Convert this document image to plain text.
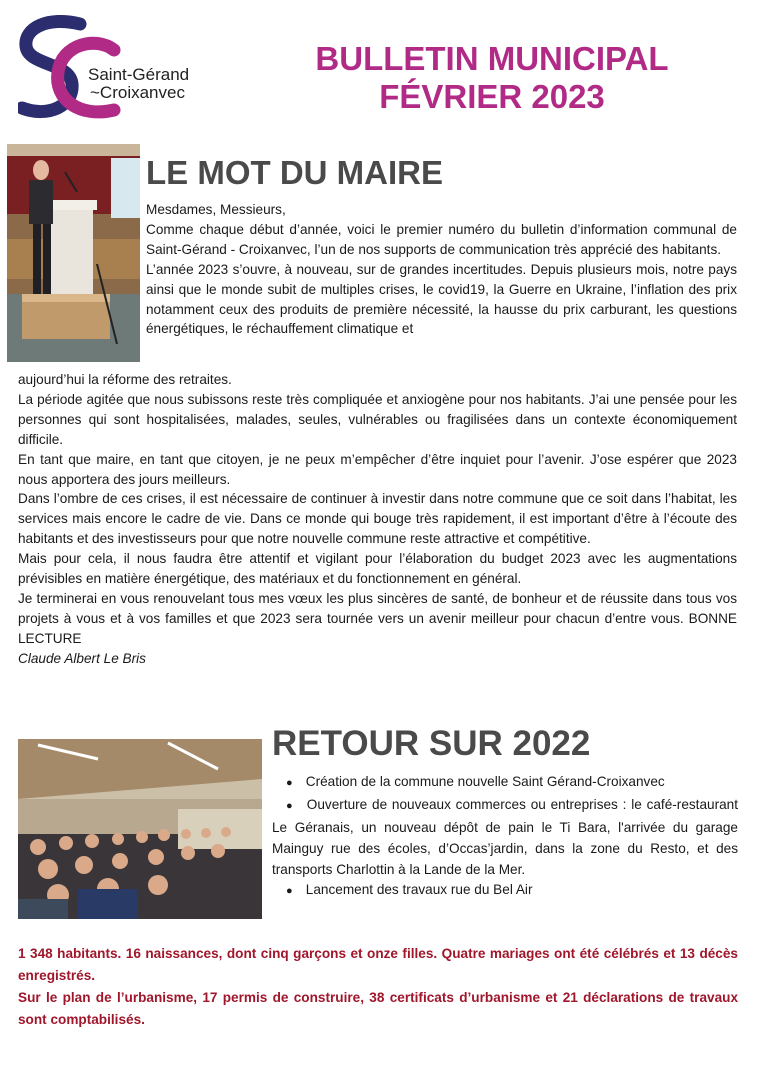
Saint-Gérand
~Croixanvec
BULLETIN MUNICIPAL
FÉVRIER 2023
LE MOT DU MAIRE

Mesdames, Messieurs,

Comme chaque début d’année, voici le premier numéro du bulletin d’information communal de Saint-Gérand - Croixanvec, l’un de nos supports de communication très apprécié des habitants.

L’année 2023 s’ouvre, à nouveau, sur de grandes incertitudes. Depuis plusieurs mois, notre pays ainsi que le monde subit de multiples crises, le covid19, la Guerre en Ukraine, l’inflation des prix notamment ceux des produits de première nécessité, la hausse du prix carburant, les questions énergétiques, le réchauffement climatique et

aujourd’hui la réforme des retraites.

La période agitée que nous subissons reste très compliquée et anxiogène pour nos habitants. J’ai une pensée pour les personnes qui sont hospitalisées, malades, seules, vulnérables ou fragilisées dans un contexte économiquement difficile.

En tant que maire, en tant que citoyen, je ne peux m’empêcher d’être inquiet pour l’avenir. J’ose espérer que 2023 nous apportera des jours meilleurs.

Dans l’ombre de ces crises, il est nécessaire de continuer à investir dans notre commune que ce soit dans l’habitat, les services mais encore le cadre de vie. Dans ce monde qui bouge très rapidement, il est important d’être à l’écoute des habitants et des investisseurs pour que notre nouvelle commune reste attractive et compétitive.

Mais pour cela, il nous faudra être attentif et vigilant pour l’élaboration du budget 2023 avec les augmentations prévisibles en matière énergétique, des matériaux et du fonctionnement en général.

Je terminerai en vous renouvelant tous mes vœux les plus sincères de santé, de bonheur et de réussite dans tous vos projets à vous et à vos familles et que 2023 sera tournée vers un avenir meilleur pour chacun d’entre vous. BONNE LECTURE

Claude Albert Le Bris

RETOUR SUR 2022
● Création de la commune nouvelle Saint Gérand-Croixanvec
● Ouverture de nouveaux commerces ou entreprises : le café-restaurant Le Géranais, un nouveau dépôt de pain le Ti Bara, l'arrivée du garage Mainguy rue des écoles, d’Occas’jardin, dans la zone du Resto, et des transports Charlottin à la Lande de la Mer.
● Lancement des travaux rue du Bel Air

1 348 habitants. 16 naissances, dont cinq garçons et onze filles. Quatre mariages ont été célébrés et 13 décès enregistrés.

Sur le plan de l’urbanisme, 17 permis de construire, 38 certificats d’urbanisme et 21 déclarations de travaux sont comptabilisés.
